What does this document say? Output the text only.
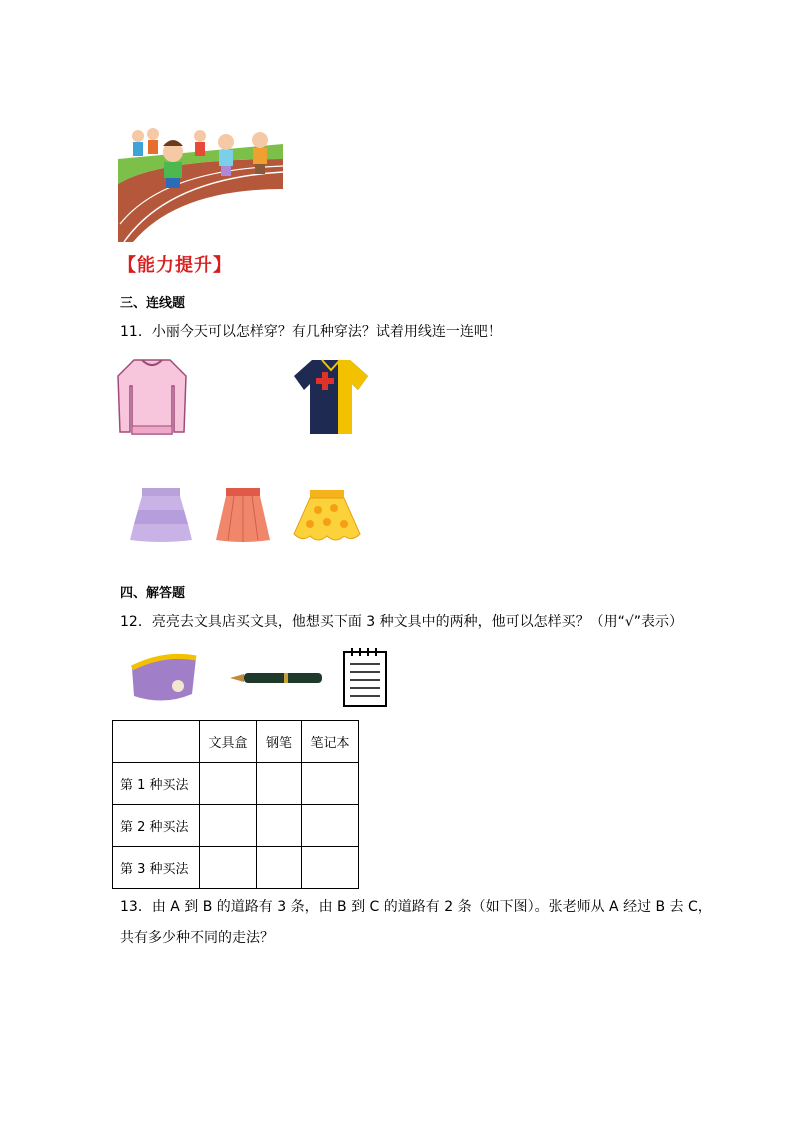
【能力提升】
三、连线题
11．小丽今天可以怎样穿？有几种穿法？试着用线连一连吧！
四、解答题
12．亮亮去文具店买文具，他想买下面 3 种文具中的两种，他可以怎样买？（用“√”表示）
	文具盒	钢笔	笔记本
第 1 种买法			
第 2 种买法			
第 3 种买法			
13．由 A 到 B 的道路有 3 条，由 B 到 C 的道路有 2 条（如下图）。张老师从 A 经过 B 去 C，
共有多少种不同的走法？
